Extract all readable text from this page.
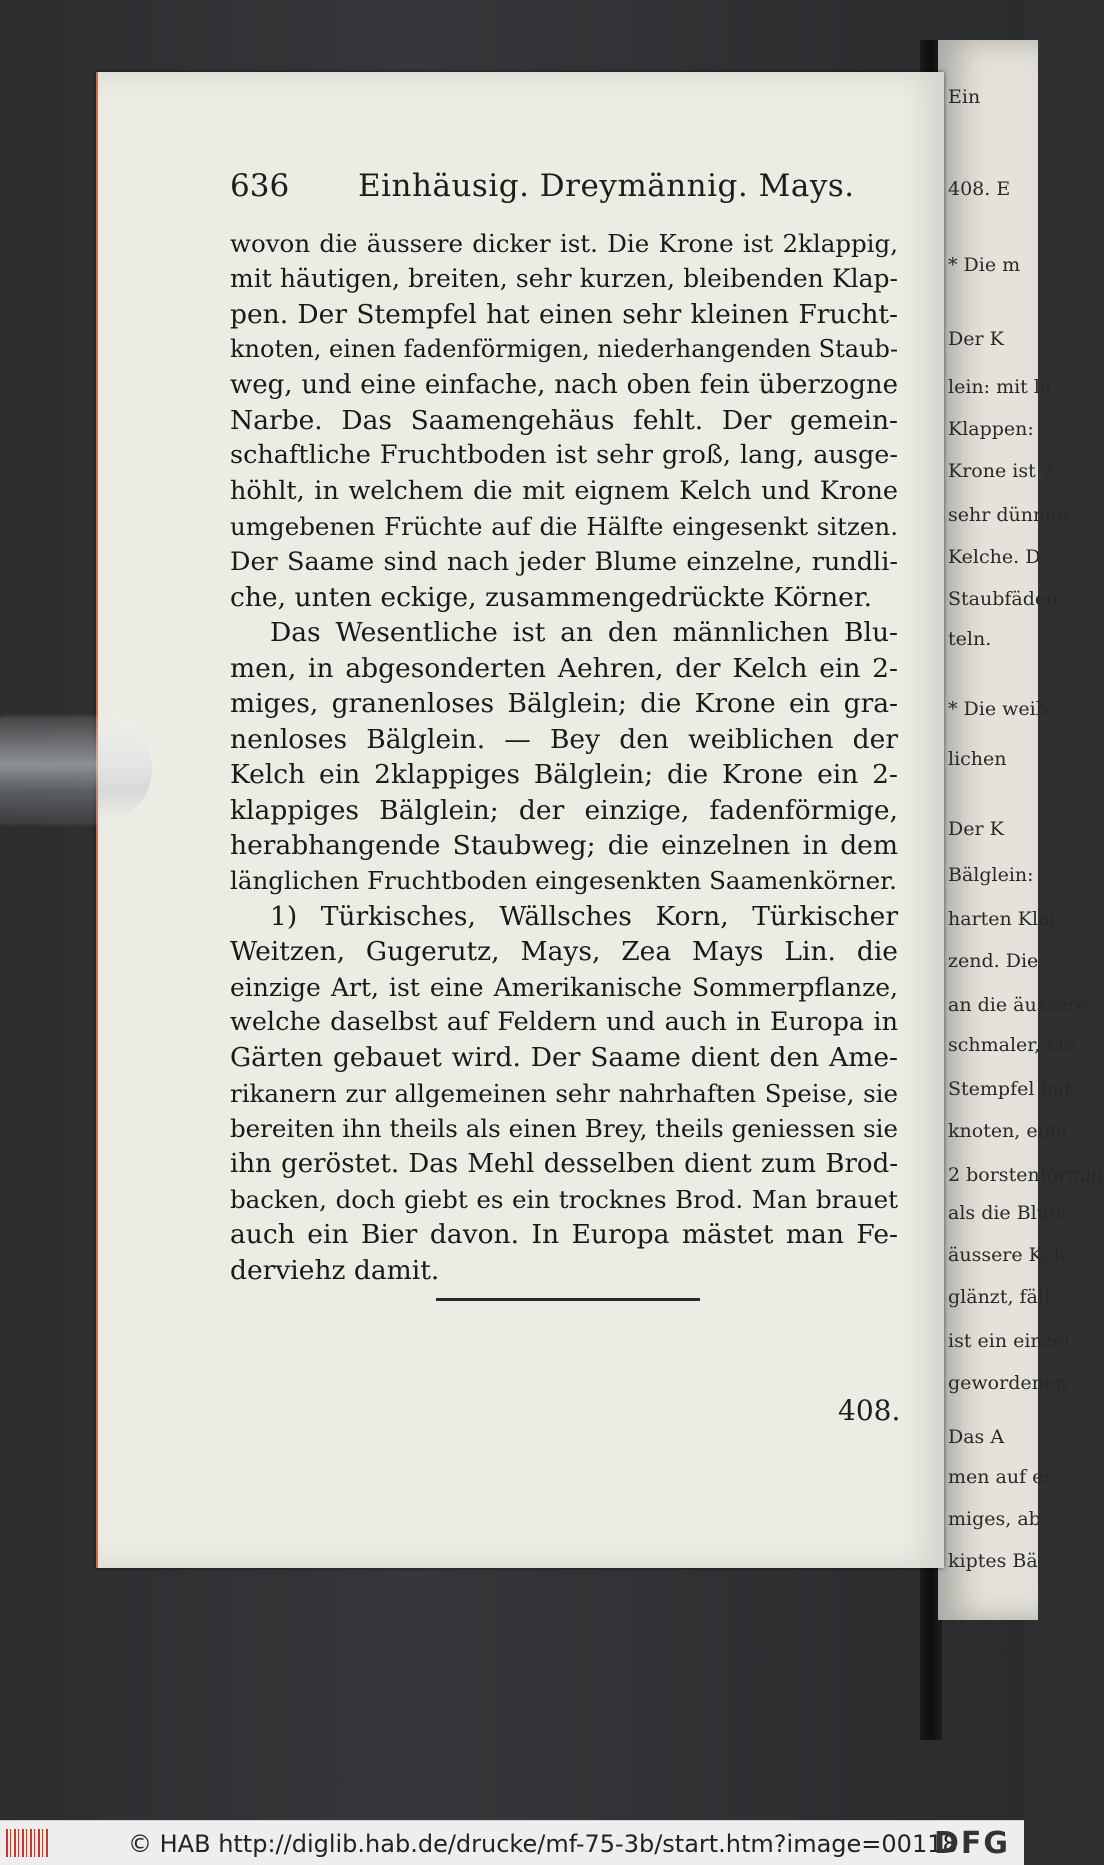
Ein
408. E
* Die m
Der K
lein: mit lä
Klappen:
Krone ist 2
sehr dünnen
Kelche. D
Staubfäden
teln.
* Die weib
lichen
Der K
Bälglein:
harten Klap
zend. Die
an die äussere
schmaler, kle
Stempfel hat
knoten, eine
2 borstenförmig
als die Blum
äussere Kelc
glänzt, fäll
ist ein einzel
gewordenen
Das A
men auf ei
miges, ab
kiptes Bä
636 Einhäusig. Dreymännig. Mays.
wovon die äussere dicker ist. Die Krone ist 2klappig,
mit häutigen, breiten, sehr kurzen, bleibenden Klap-
pen. Der Stempfel hat einen sehr kleinen Frucht-
knoten, einen fadenförmigen, niederhangenden Staub-
weg, und eine einfache, nach oben fein überzogne
Narbe. Das Saamengehäus fehlt. Der gemein-
schaftliche Fruchtboden ist sehr groß, lang, ausge-
höhlt, in welchem die mit eignem Kelch und Krone
umgebenen Früchte auf die Hälfte eingesenkt sitzen.
Der Saame sind nach jeder Blume einzelne, rundli-
che, unten eckige, zusammengedrückte Körner.
Das Wesentliche ist an den männlichen Blu-
men, in abgesonderten Aehren, der Kelch ein 2-
miges, granenloses Bälglein; die Krone ein gra-
nenloses Bälglein. — Bey den weiblichen der
Kelch ein 2klappiges Bälglein; die Krone ein 2-
klappiges Bälglein; der einzige, fadenförmige,
herabhangende Staubweg; die einzelnen in dem
länglichen Fruchtboden eingesenkten Saamenkörner.
1) Türkisches, Wällsches Korn, Türkischer
Weitzen, Gugerutz, Mays, Zea Mays Lin. die
einzige Art, ist eine Amerikanische Sommerpflanze,
welche daselbst auf Feldern und auch in Europa in
Gärten gebauet wird. Der Saame dient den Ame-
rikanern zur allgemeinen sehr nahrhaften Speise, sie
bereiten ihn theils als einen Brey, theils geniessen sie
ihn geröstet. Das Mehl desselben dient zum Brod-
backen, doch giebt es ein trocknes Brod. Man brauet
auch ein Bier davon. In Europa mästet man Fe-
derviehz damit.
408.
© HAB http://diglib.hab.de/drucke/mf-75-3b/start.htm?image=00118
DFG
